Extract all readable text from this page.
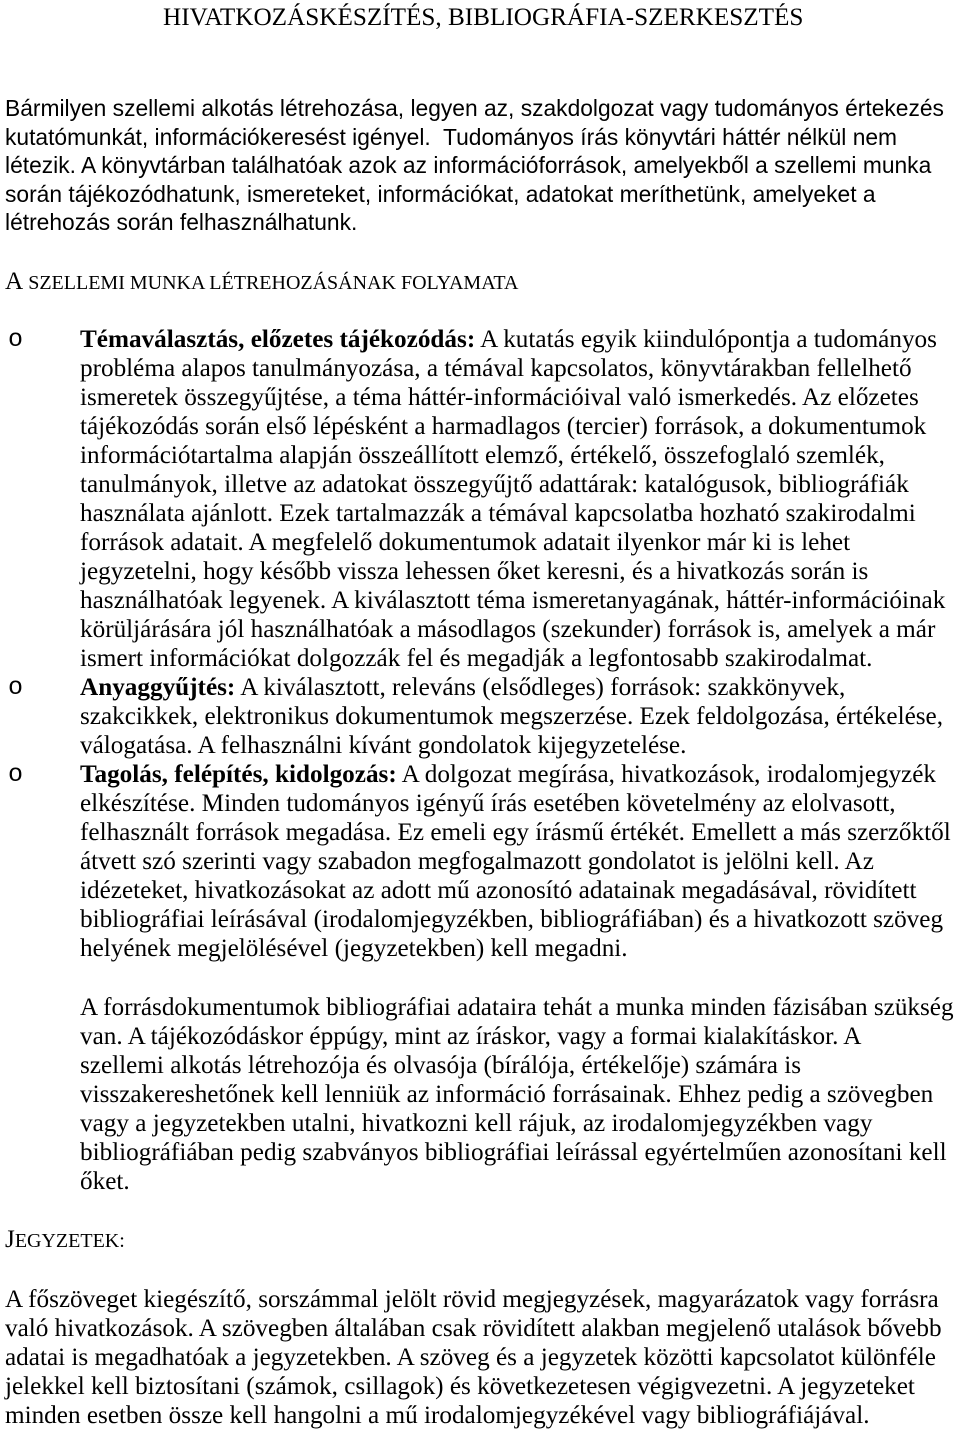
HIVATKOZÁSKÉSZÍTÉS, BIBLIOGRÁFIA-SZERKESZTÉS
Bármilyen szellemi alkotás létrehozása, legyen az, szakdolgozat vagy tudományos értekezés
kutatómunkát, információkeresést igényel.  Tudományos írás könyvtári háttér nélkül nem
létezik. A könyvtárban találhatóak azok az információforrások, amelyekből a szellemi munka
során tájékozódhatunk, ismereteket, információkat, adatokat meríthetünk, amelyeket a
létrehozás során felhasználhatunk.
A SZELLEMI MUNKA LÉTREHOZÁSÁNAK FOLYAMATA
o Témaválasztás, előzetes tájékozódás: A kutatás egyik kiindulópontja a tudományos
probléma alapos tanulmányozása, a témával kapcsolatos, könyvtárakban fellelhető
ismeretek összegyűjtése, a téma háttér-információival való ismerkedés. Az előzetes
tájékozódás során első lépésként a harmadlagos (tercier) források, a dokumentumok
információtartalma alapján összeállított elemző, értékelő, összefoglaló szemlék,
tanulmányok, illetve az adatokat összegyűjtő adattárak: katalógusok, bibliográfiák
használata ajánlott. Ezek tartalmazzák a témával kapcsolatba hozható szakirodalmi
források adatait. A megfelelő dokumentumok adatait ilyenkor már ki is lehet
jegyzetelni, hogy később vissza lehessen őket keresni, és a hivatkozás során is
használhatóak legyenek. A kiválasztott téma ismeretanyagának, háttér-információinak
körüljárására jól használhatóak a másodlagos (szekunder) források is, amelyek a már
ismert információkat dolgozzák fel és megadják a legfontosabb szakirodalmat.
o Anyaggyűjtés: A kiválasztott, releváns (elsődleges) források: szakkönyvek,
szakcikkek, elektronikus dokumentumok megszerzése. Ezek feldolgozása, értékelése,
válogatása. A felhasználni kívánt gondolatok kijegyzetelése.
o Tagolás, felépítés, kidolgozás: A dolgozat megírása, hivatkozások, irodalomjegyzék
elkészítése. Minden tudományos igényű írás esetében követelmény az elolvasott,
felhasznált források megadása. Ez emeli egy írásmű értékét. Emellett a más szerzőktől
átvett szó szerinti vagy szabadon megfogalmazott gondolatot is jelölni kell. Az
idézeteket, hivatkozásokat az adott mű azonosító adatainak megadásával, rövidített
bibliográfiai leírásával (irodalomjegyzékben, bibliográfiában) és a hivatkozott szöveg
helyének megjelölésével (jegyzetekben) kell megadni.
A forrásdokumentumok bibliográfiai adataira tehát a munka minden fázisában szükség
van. A tájékozódáskor éppúgy, mint az íráskor, vagy a formai kialakításkor. A
szellemi alkotás létrehozója és olvasója (bírálója, értékelője) számára is
visszakereshetőnek kell lenniük az információ forrásainak. Ehhez pedig a szövegben
vagy a jegyzetekben utalni, hivatkozni kell rájuk, az irodalomjegyzékben vagy
bibliográfiában pedig szabványos bibliográfiai leírással egyértelműen azonosítani kell
őket.
JEGYZETEK:
A főszöveget kiegészítő, sorszámmal jelölt rövid megjegyzések, magyarázatok vagy forrásra
való hivatkozások. A szövegben általában csak rövidített alakban megjelenő utalások bővebb
adatai is megadhatóak a jegyzetekben. A szöveg és a jegyzetek közötti kapcsolatot különféle
jelekkel kell biztosítani (számok, csillagok) és következetesen végigvezetni. A jegyzeteket
minden esetben össze kell hangolni a mű irodalomjegyzékével vagy bibliográfiájával.
